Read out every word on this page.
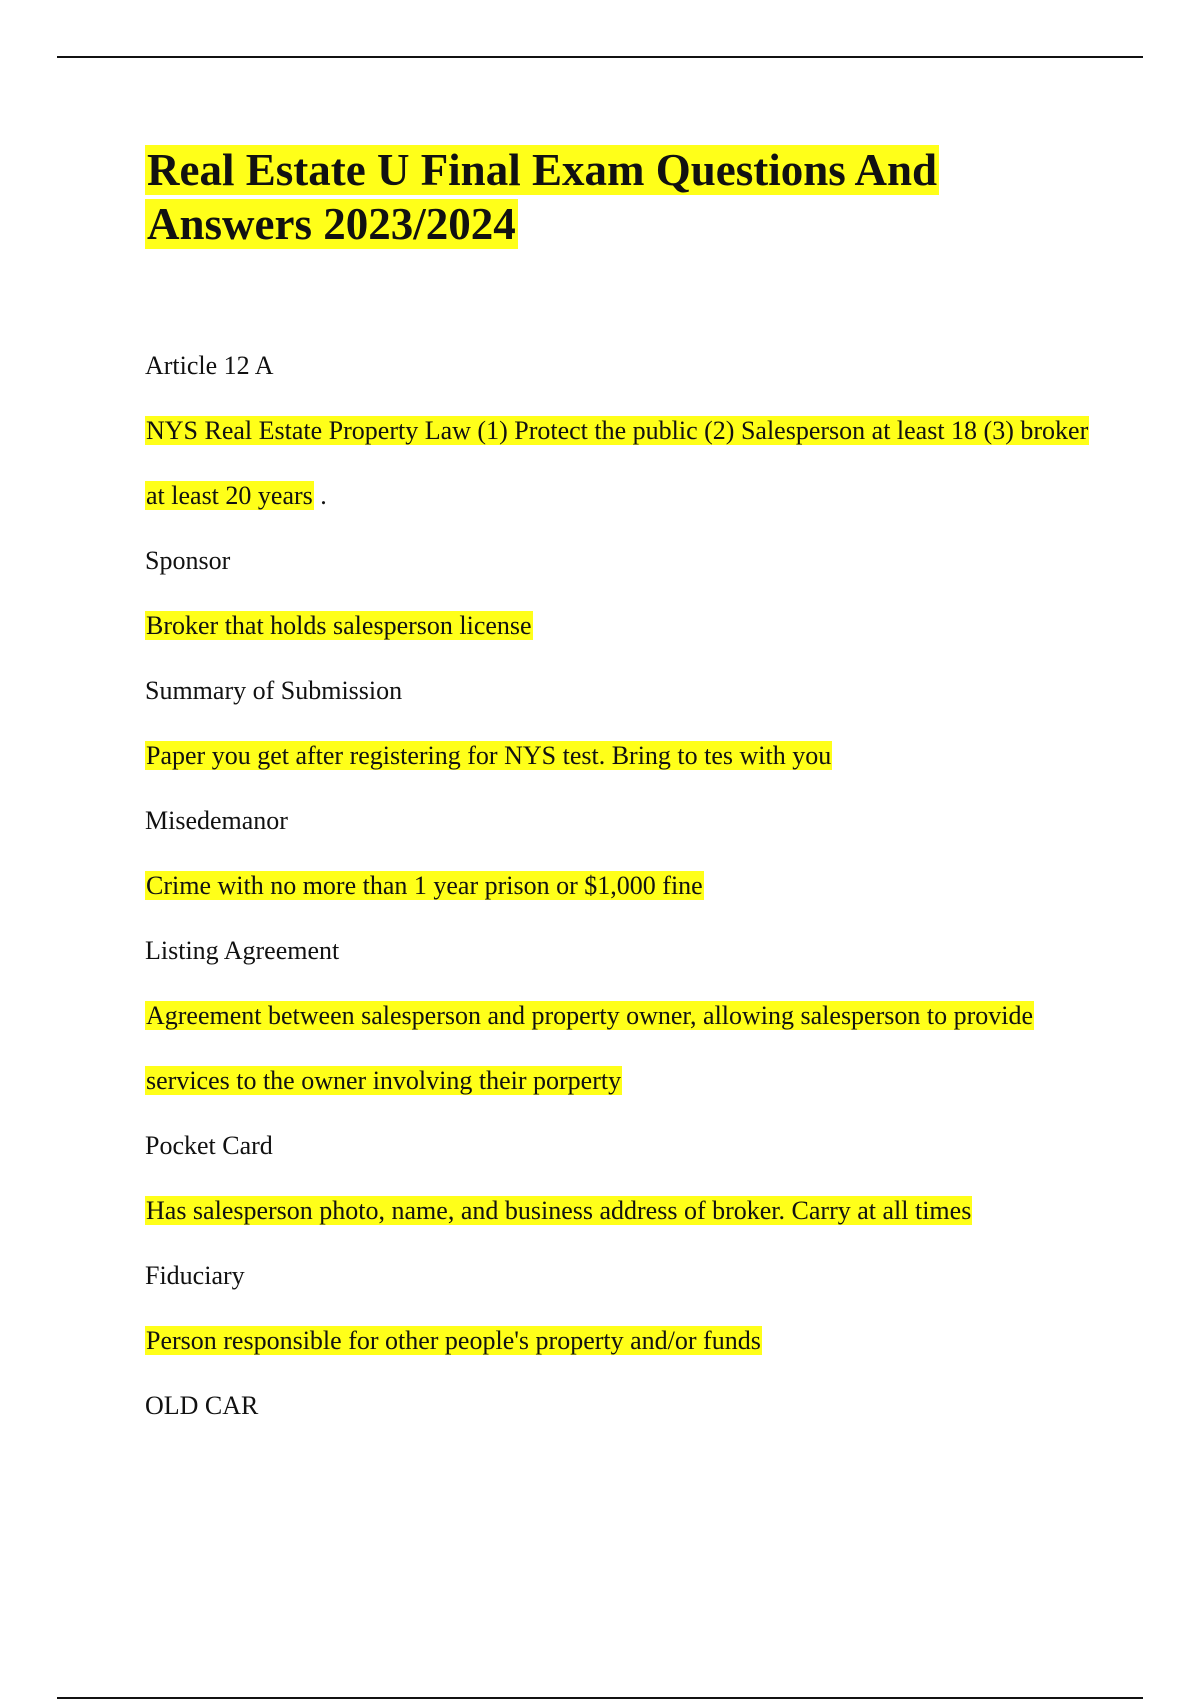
Real Estate U Final Exam Questions And Answers 2023/2024

Article 12 A

NYS Real Estate Property Law (1) Protect the public (2) Salesperson at least 18 (3) broker at least 20 years .

Sponsor

Broker that holds salesperson license

Summary of Submission

Paper you get after registering for NYS test. Bring to tes with you

Misedemanor

Crime with no more than 1 year prison or $1,000 fine

Listing Agreement

Agreement between salesperson and property owner, allowing salesperson to provide services to the owner involving their porperty

Pocket Card

Has salesperson photo, name, and business address of broker. Carry at all times

Fiduciary

Person responsible for other people's property and/or funds

OLD CAR
